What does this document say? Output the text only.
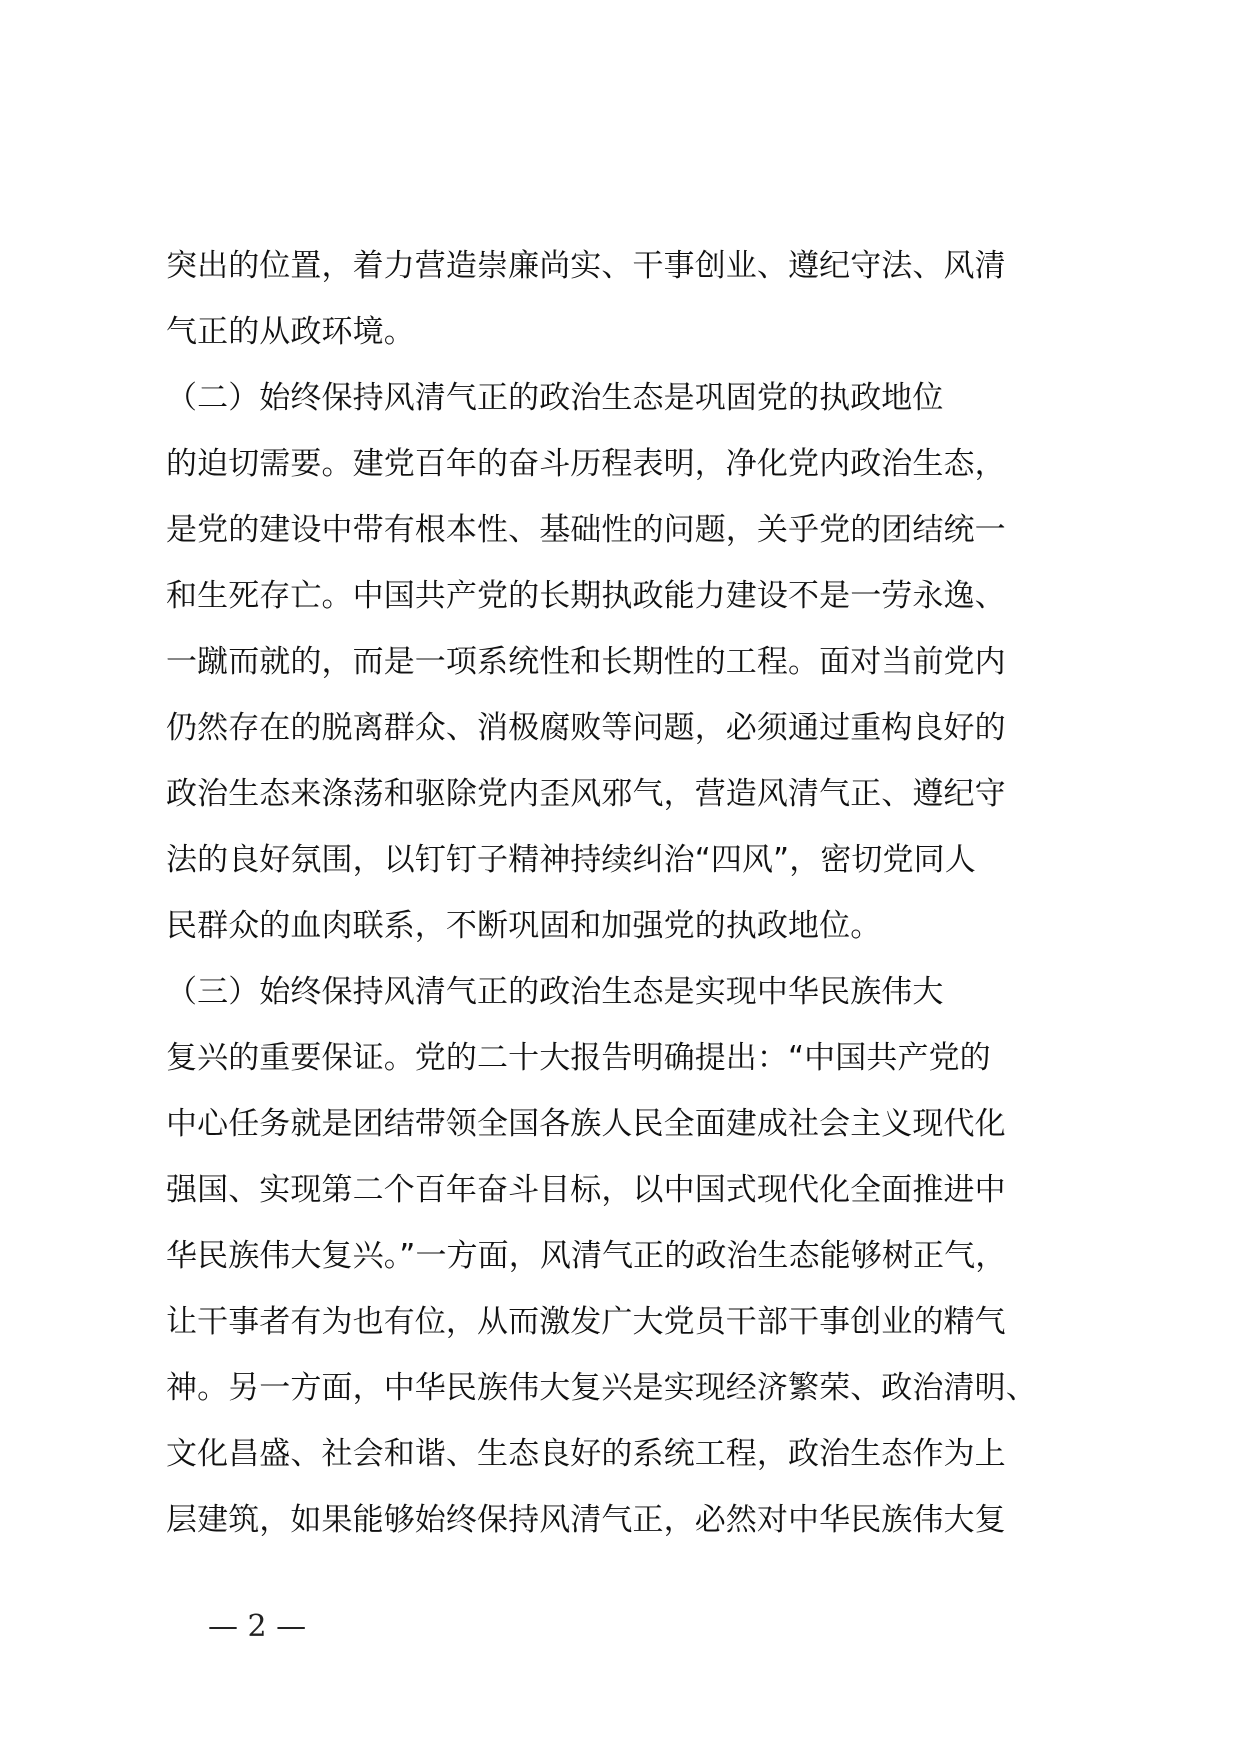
突出的位置，着力营造崇廉尚实、干事创业、遵纪守法、风清
气正的从政环境。
（二）始终保持风清气正的政治生态是巩固党的执政地位
的迫切需要。建党百年的奋斗历程表明，净化党内政治生态，
是党的建设中带有根本性、基础性的问题，关乎党的团结统一
和生死存亡。中国共产党的长期执政能力建设不是一劳永逸、
一蹴而就的，而是一项系统性和长期性的工程。面对当前党内
仍然存在的脱离群众、消极腐败等问题，必须通过重构良好的
政治生态来涤荡和驱除党内歪风邪气，营造风清气正、遵纪守
法的良好氛围，以钉钉子精神持续纠治“四风”，密切党同人
民群众的血肉联系，不断巩固和加强党的执政地位。
（三）始终保持风清气正的政治生态是实现中华民族伟大
复兴的重要保证。党的二十大报告明确提出：“中国共产党的
中心任务就是团结带领全国各族人民全面建成社会主义现代化
强国、实现第二个百年奋斗目标，以中国式现代化全面推进中
华民族伟大复兴。”一方面，风清气正的政治生态能够树正气，
让干事者有为也有位，从而激发广大党员干部干事创业的精气
神。另一方面，中华民族伟大复兴是实现经济繁荣、政治清明、
文化昌盛、社会和谐、生态良好的系统工程，政治生态作为上
层建筑，如果能够始终保持风清气正，必然对中华民族伟大复
— 2 —
